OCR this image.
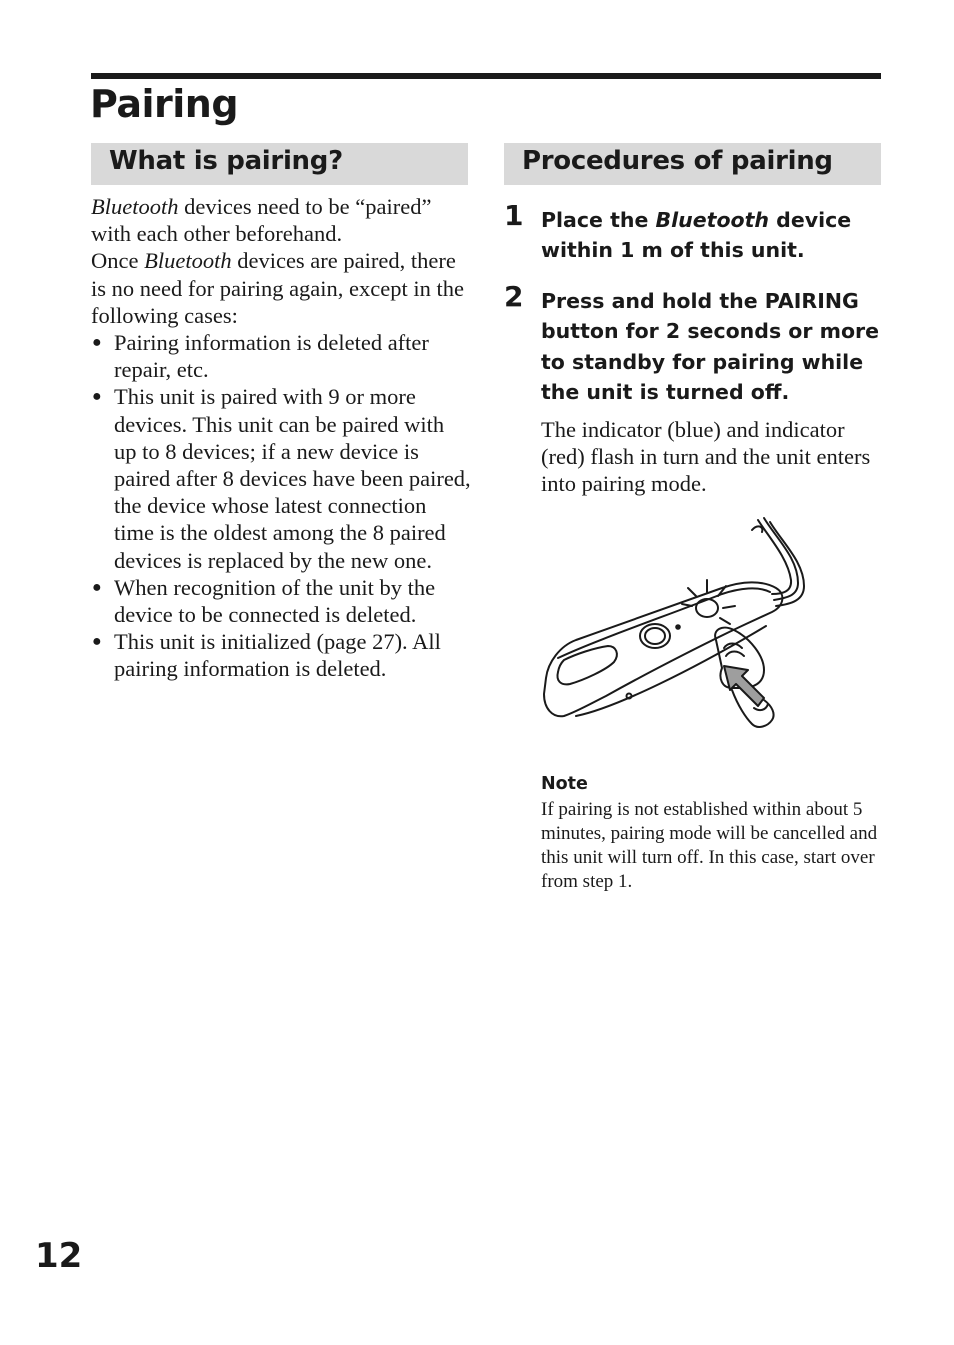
Pairing
What is pairing?	Procedures of pairing

Bluetooth devices need to be “paired” with each other beforehand.

Once Bluetooth devices are paired, there is no need for pairing again, except in the following cases:

● Pairing information is deleted after repair, etc.
● This unit is paired with 9 or more devices. This unit can be paired with up to 8 devices; if a new device is paired after 8 devices have been paired, the device whose latest connection time is the oldest among the 8 paired devices is replaced by the new one.
● When recognition of the unit by the device to be connected is deleted.
● This unit is initialized (page 27). All pairing information is deleted.
1 Place the Bluetooth device within 1 m of this unit.
2 Press and hold the PAIRING button for 2 seconds or more to standby for pairing while the unit is turned off.
The indicator (blue) and indicator (red) flash in turn and the unit enters into pairing mode.
Note
If pairing is not established within about 5 minutes, pairing mode will be cancelled and this unit will turn off. In this case, start over from step 1.
12
